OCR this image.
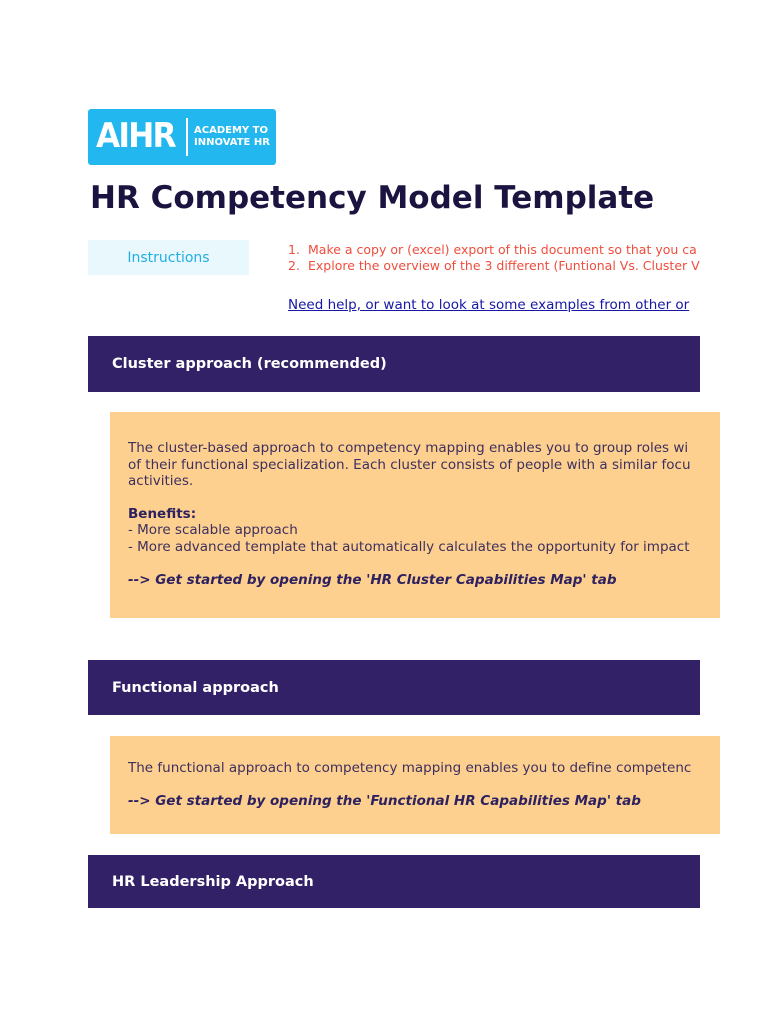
AIHR ACADEMY TO
INNOVATE HR
HR Competency Model Template
Instructions	1. Make a copy or (excel) export of this document so that you ca
2. Explore the overview of the 3 different (Funtional Vs. Cluster V
Need help, or want to look at some examples from other or
Cluster approach (recommended)
The cluster-based approach to competency mapping enables you to group roles wi
of their functional specialization. Each cluster consists of people with a similar focu
activities.
Benefits:
- More scalable approach
- More advanced template that automatically calculates the opportunity for impact
--> Get started by opening the 'HR Cluster Capabilities Map' tab
Functional approach
The functional approach to competency mapping enables you to define competenc
--> Get started by opening the 'Functional HR Capabilities Map' tab
HR Leadership Approach
